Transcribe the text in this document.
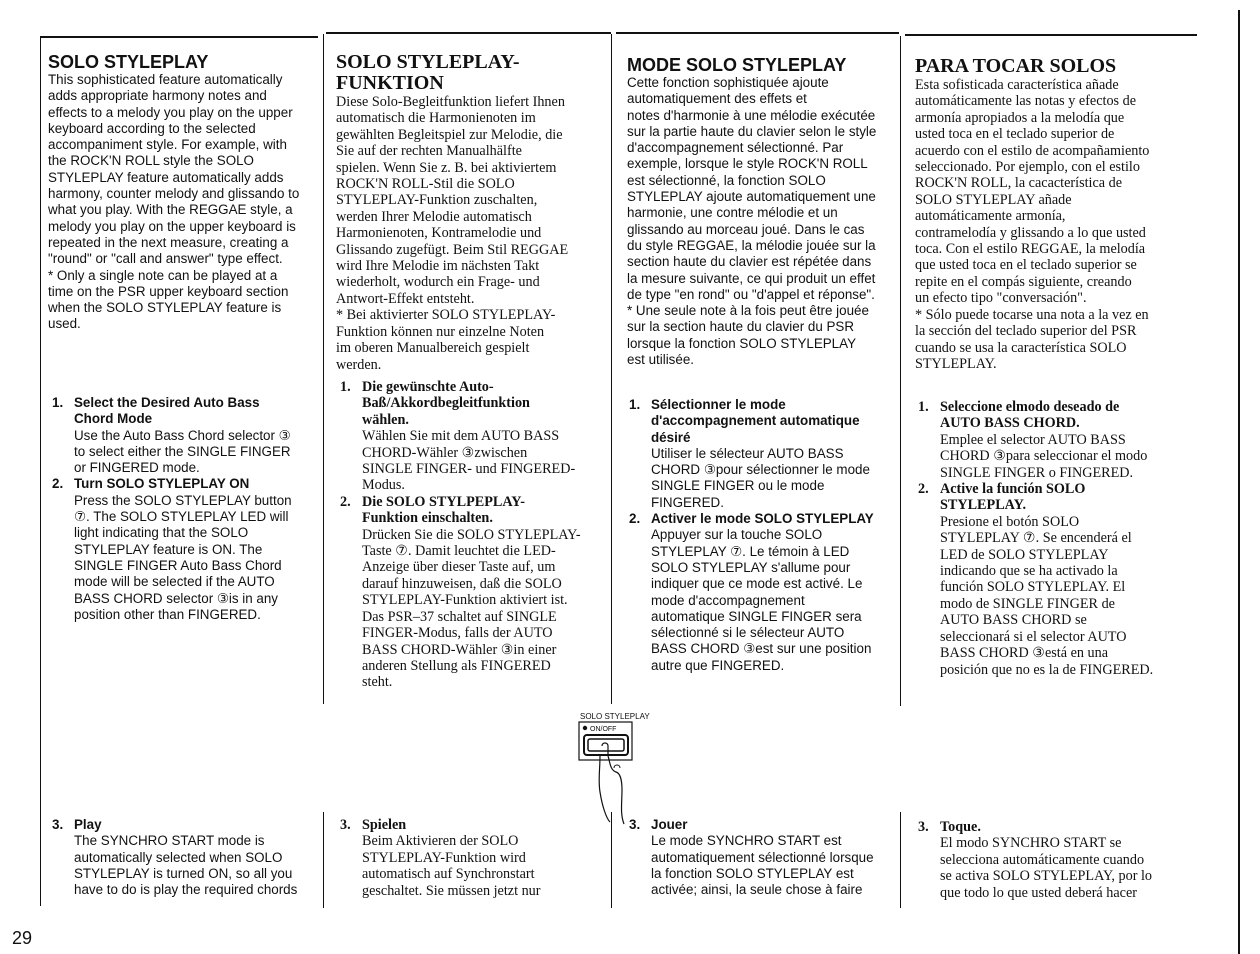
SOLO STYLEPLAY

This sophisticated feature automatically
adds appropriate harmony notes and
effects to a melody you play on the upper
keyboard according to the selected
accompaniment style. For example, with
the ROCK'N ROLL style the SOLO
STYLEPLAY feature automatically adds
harmony, counter melody and glissando to
what you play. With the REGGAE style, a
melody you play on the upper keyboard is
repeated in the next measure, creating a
"round" or "call and answer" type effect.

* Only a single note can be played at a
time on the PSR upper keyboard section
when the SOLO STYLEPLAY feature is
used.
1. Select the Desired Auto Bass
Chord Mode
Use the Auto Bass Chord selector ③
to select either the SINGLE FINGER
or FINGERED mode.
2. Turn SOLO STYLEPLAY ON
Press the SOLO STYLEPLAY button
⑦. The SOLO STYLEPLAY LED will
light indicating that the SOLO
STYLEPLAY feature is ON. The
SINGLE FINGER Auto Bass Chord
mode will be selected if the AUTO
BASS CHORD selector ③is in any
position other than FINGERED.
3. Play
The SYNCHRO START mode is
automatically selected when SOLO
STYLEPLAY is turned ON, so all you
have to do is play the required chords
SOLO STYLEPLAY-
FUNKTION

Diese Solo-Begleitfunktion liefert Ihnen
automatisch die Harmonienoten im
gewählten Begleitspiel zur Melodie, die
Sie auf der rechten Manualhälfte
spielen. Wenn Sie z. B. bei aktiviertem
ROCK'N ROLL-Stil die SOLO
STYLEPLAY-Funktion zuschalten,
werden Ihrer Melodie automatisch
Harmonienoten, Kontramelodie und
Glissando zugefügt. Beim Stil REGGAE
wird Ihre Melodie im nächsten Takt
wiederholt, wodurch ein Frage- und
Antwort-Effekt entsteht.

* Bei aktivierter SOLO STYLEPLAY-
Funktion können nur einzelne Noten
im oberen Manualbereich gespielt
werden.
1. Die gewünschte Auto-
Baß/Akkordbegleitfunktion
wählen.
Wählen Sie mit dem AUTO BASS
CHORD-Wähler ③zwischen
SINGLE FINGER- und FINGERED-
Modus.
2. Die SOLO STYLPEPLAY-
Funktion einschalten.
Drücken Sie die SOLO STYLEPLAY-
Taste ⑦. Damit leuchtet die LED-
Anzeige über dieser Taste auf, um
darauf hinzuweisen, daß die SOLO
STYLEPLAY-Funktion aktiviert ist.
Das PSR–37 schaltet auf SINGLE
FINGER-Modus, falls der AUTO
BASS CHORD-Wähler ③in einer
anderen Stellung als FINGERED
steht.
3. Spielen
Beim Aktivieren der SOLO
STYLEPLAY-Funktion wird
automatisch auf Synchronstart
geschaltet. Sie müssen jetzt nur
MODE SOLO STYLEPLAY

Cette fonction sophistiquée ajoute
automatiquement des effets et
notes d'harmonie à une mélodie exécutée
sur la partie haute du clavier selon le style
d'accompagnement sélectionné. Par
exemple, lorsque le style ROCK'N ROLL
est sélectionné, la fonction SOLO
STYLEPLAY ajoute automatiquement une
harmonie, une contre mélodie et un
glissando au morceau joué. Dans le cas
du style REGGAE, la mélodie jouée sur la
section haute du clavier est répétée dans
la mesure suivante, ce qui produit un effet
de type "en rond" ou "d'appel et réponse".

* Une seule note à la fois peut être jouée
sur la section haute du clavier du PSR
lorsque la fonction SOLO STYLEPLAY
est utilisée.
1. Sélectionner le mode
d'accompagnement automatique
désiré
Utiliser le sélecteur AUTO BASS
CHORD ③pour sélectionner le mode
SINGLE FINGER ou le mode
FINGERED.
2. Activer le mode SOLO STYLEPLAY
Appuyer sur la touche SOLO
STYLEPLAY ⑦. Le témoin à LED
SOLO STYLEPLAY s'allume pour
indiquer que ce mode est activé. Le
mode d'accompagnement
automatique SINGLE FINGER sera
sélectionné si le sélecteur AUTO
BASS CHORD ③est sur une position
autre que FINGERED.
3. Jouer
Le mode SYNCHRO START est
automatiquement sélectionné lorsque
la fonction SOLO STYLEPLAY est
activée; ainsi, la seule chose à faire
PARA TOCAR SOLOS

Esta sofisticada característica añade
automáticamente las notas y efectos de
armonía apropiados a la melodía que
usted toca en el teclado superior de
acuerdo con el estilo de acompañamiento
seleccionado. Por ejemplo, con el estilo
ROCK'N ROLL, la cacacterística de
SOLO STYLEPLAY añade
automáticamente armonía,
contramelodía y glissando a lo que usted
toca. Con el estilo REGGAE, la melodía
que usted toca en el teclado superior se
repite en el compás siguiente, creando
un efecto tipo "conversación".

* Sólo puede tocarse una nota a la vez en
la sección del teclado superior del PSR
cuando se usa la característica SOLO
STYLEPLAY.
1. Seleccione elmodo deseado de
AUTO BASS CHORD.
Emplee el selector AUTO BASS
CHORD ③para seleccionar el modo
SINGLE FINGER o FINGERED.
2. Active la función SOLO
STYLEPLAY.
Presione el botón SOLO
STYLEPLAY ⑦. Se encenderá el
LED de SOLO STYLEPLAY
indicando que se ha activado la
función SOLO STYLEPLAY. El
modo de SINGLE FINGER de
AUTO BASS CHORD se
seleccionará si el selector AUTO
BASS CHORD ③está en una
posición que no es la de FINGERED.
3. Toque.
El modo SYNCHRO START se
selecciona automáticamente cuando
se activa SOLO STYLEPLAY, por lo
que todo lo que usted deberá hacer
SOLO STYLEPLAY
ON/OFF
29
